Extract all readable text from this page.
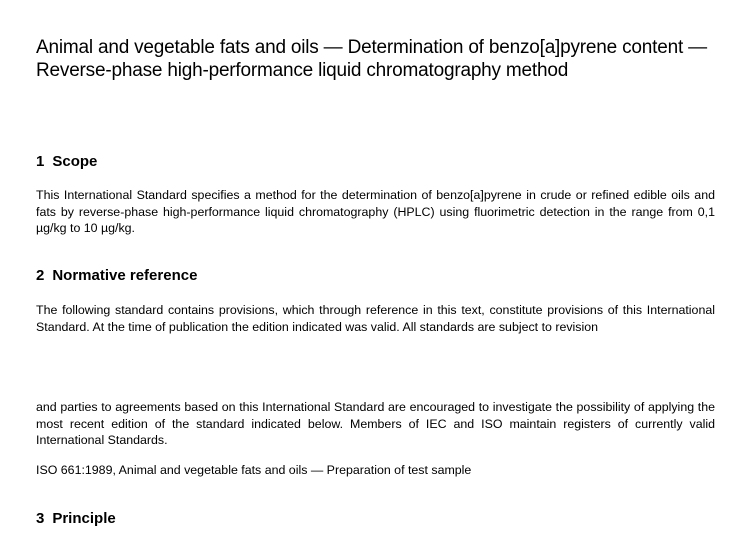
Animal and vegetable fats and oils — Determination of benzo[a]pyrene content — Reverse-phase high-performance liquid chromatography method
1 Scope

This International Standard specifies a method for the determination of benzo[a]pyrene in crude or refined edible oils and fats by reverse-phase high-performance liquid chromatography (HPLC) using fluorimetric detection in the range from 0,1 µg/kg to 10 µg/kg.

2 Normative reference

The following standard contains provisions, which through reference in this text, constitute provisions of this International Standard. At the time of publication the edition indicated was valid. All standards are subject to revision

and parties to agreements based on this International Standard are encouraged to investigate the possibility of applying the most recent edition of the standard indicated below. Members of IEC and ISO maintain registers of currently valid International Standards.

ISO 661:1989, Animal and vegetable fats and oils — Preparation of test sample

3 Principle
